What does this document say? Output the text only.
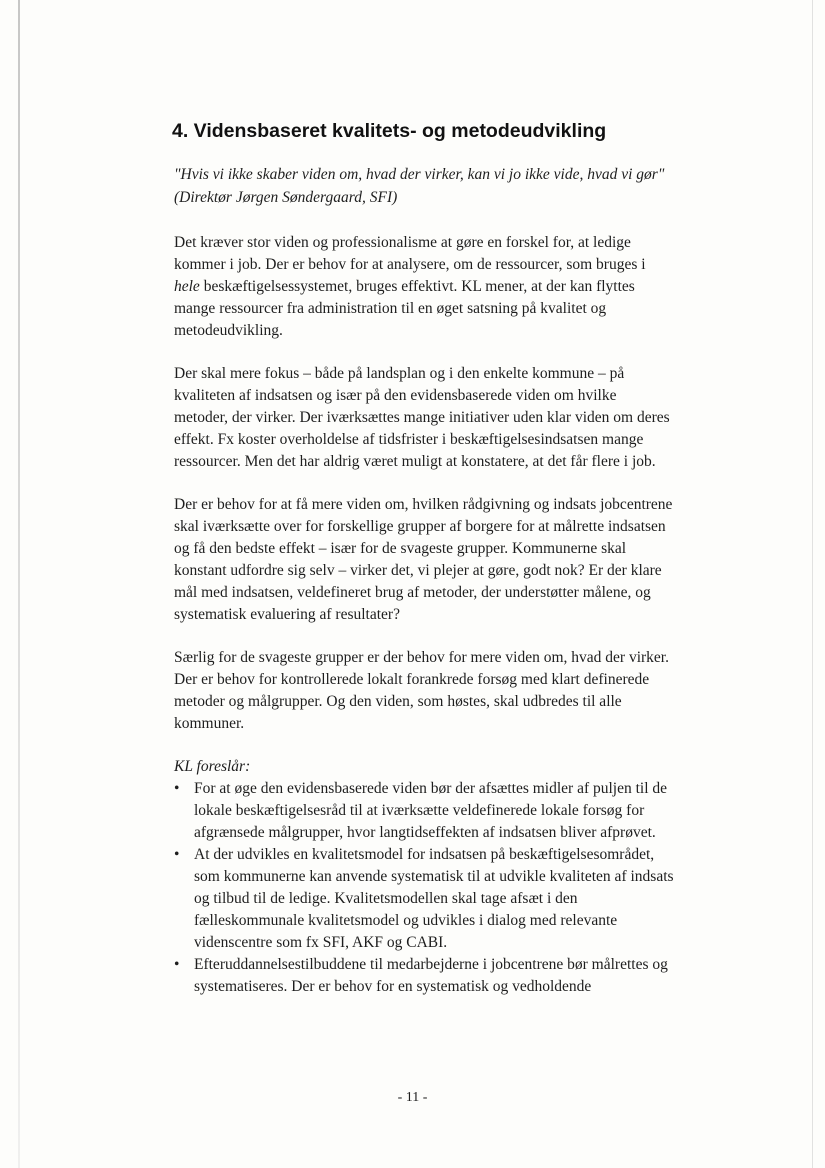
4. Vidensbaseret kvalitets- og metodeudvikling

"Hvis vi ikke skaber viden om, hvad der virker, kan vi jo ikke vide, hvad vi gør" (Direktør Jørgen Søndergaard, SFI)

Det kræver stor viden og professionalisme at gøre en forskel for, at ledige kommer i job. Der er behov for at analysere, om de ressourcer, som bruges i hele beskæftigelsessystemet, bruges effektivt. KL mener, at der kan flyttes mange ressourcer fra administration til en øget satsning på kvalitet og metodeudvikling.

Der skal mere fokus – både på landsplan og i den enkelte kommune – på kvaliteten af indsatsen og især på den evidensbaserede viden om hvilke metoder, der virker. Der iværksættes mange initiativer uden klar viden om deres effekt. Fx koster overholdelse af tidsfrister i beskæftigelsesindsatsen mange ressourcer. Men det har aldrig været muligt at konstatere, at det får flere i job.

Der er behov for at få mere viden om, hvilken rådgivning og indsats jobcentrene skal iværksætte over for forskellige grupper af borgere for at målrette indsatsen og få den bedste effekt – især for de svageste grupper. Kommunerne skal konstant udfordre sig selv – virker det, vi plejer at gøre, godt nok? Er der klare mål med indsatsen, veldefineret brug af metoder, der understøtter målene, og systematisk evaluering af resultater?

Særlig for de svageste grupper er der behov for mere viden om, hvad der virker. Der er behov for kontrollerede lokalt forankrede forsøg med klart definerede metoder og målgrupper. Og den viden, som høstes, skal udbredes til alle kommuner.

KL foreslår:

• For at øge den evidensbaserede viden bør der afsættes midler af puljen til de lokale beskæftigelsesråd til at iværksætte veldefinerede lokale forsøg for afgrænsede målgrupper, hvor langtidseffekten af indsatsen bliver afprøvet.
• At der udvikles en kvalitetsmodel for indsatsen på beskæftigelsesområdet, som kommunerne kan anvende systematisk til at udvikle kvaliteten af indsats og tilbud til de ledige. Kvalitetsmodellen skal tage afsæt i den fælleskommunale kvalitetsmodel og udvikles i dialog med relevante videnscentre som fx SFI, AKF og CABI.
• Efteruddannelsestilbuddene til medarbejderne i jobcentrene bør målrettes og systematiseres. Der er behov for en systematisk og vedholdende
- 11 -
